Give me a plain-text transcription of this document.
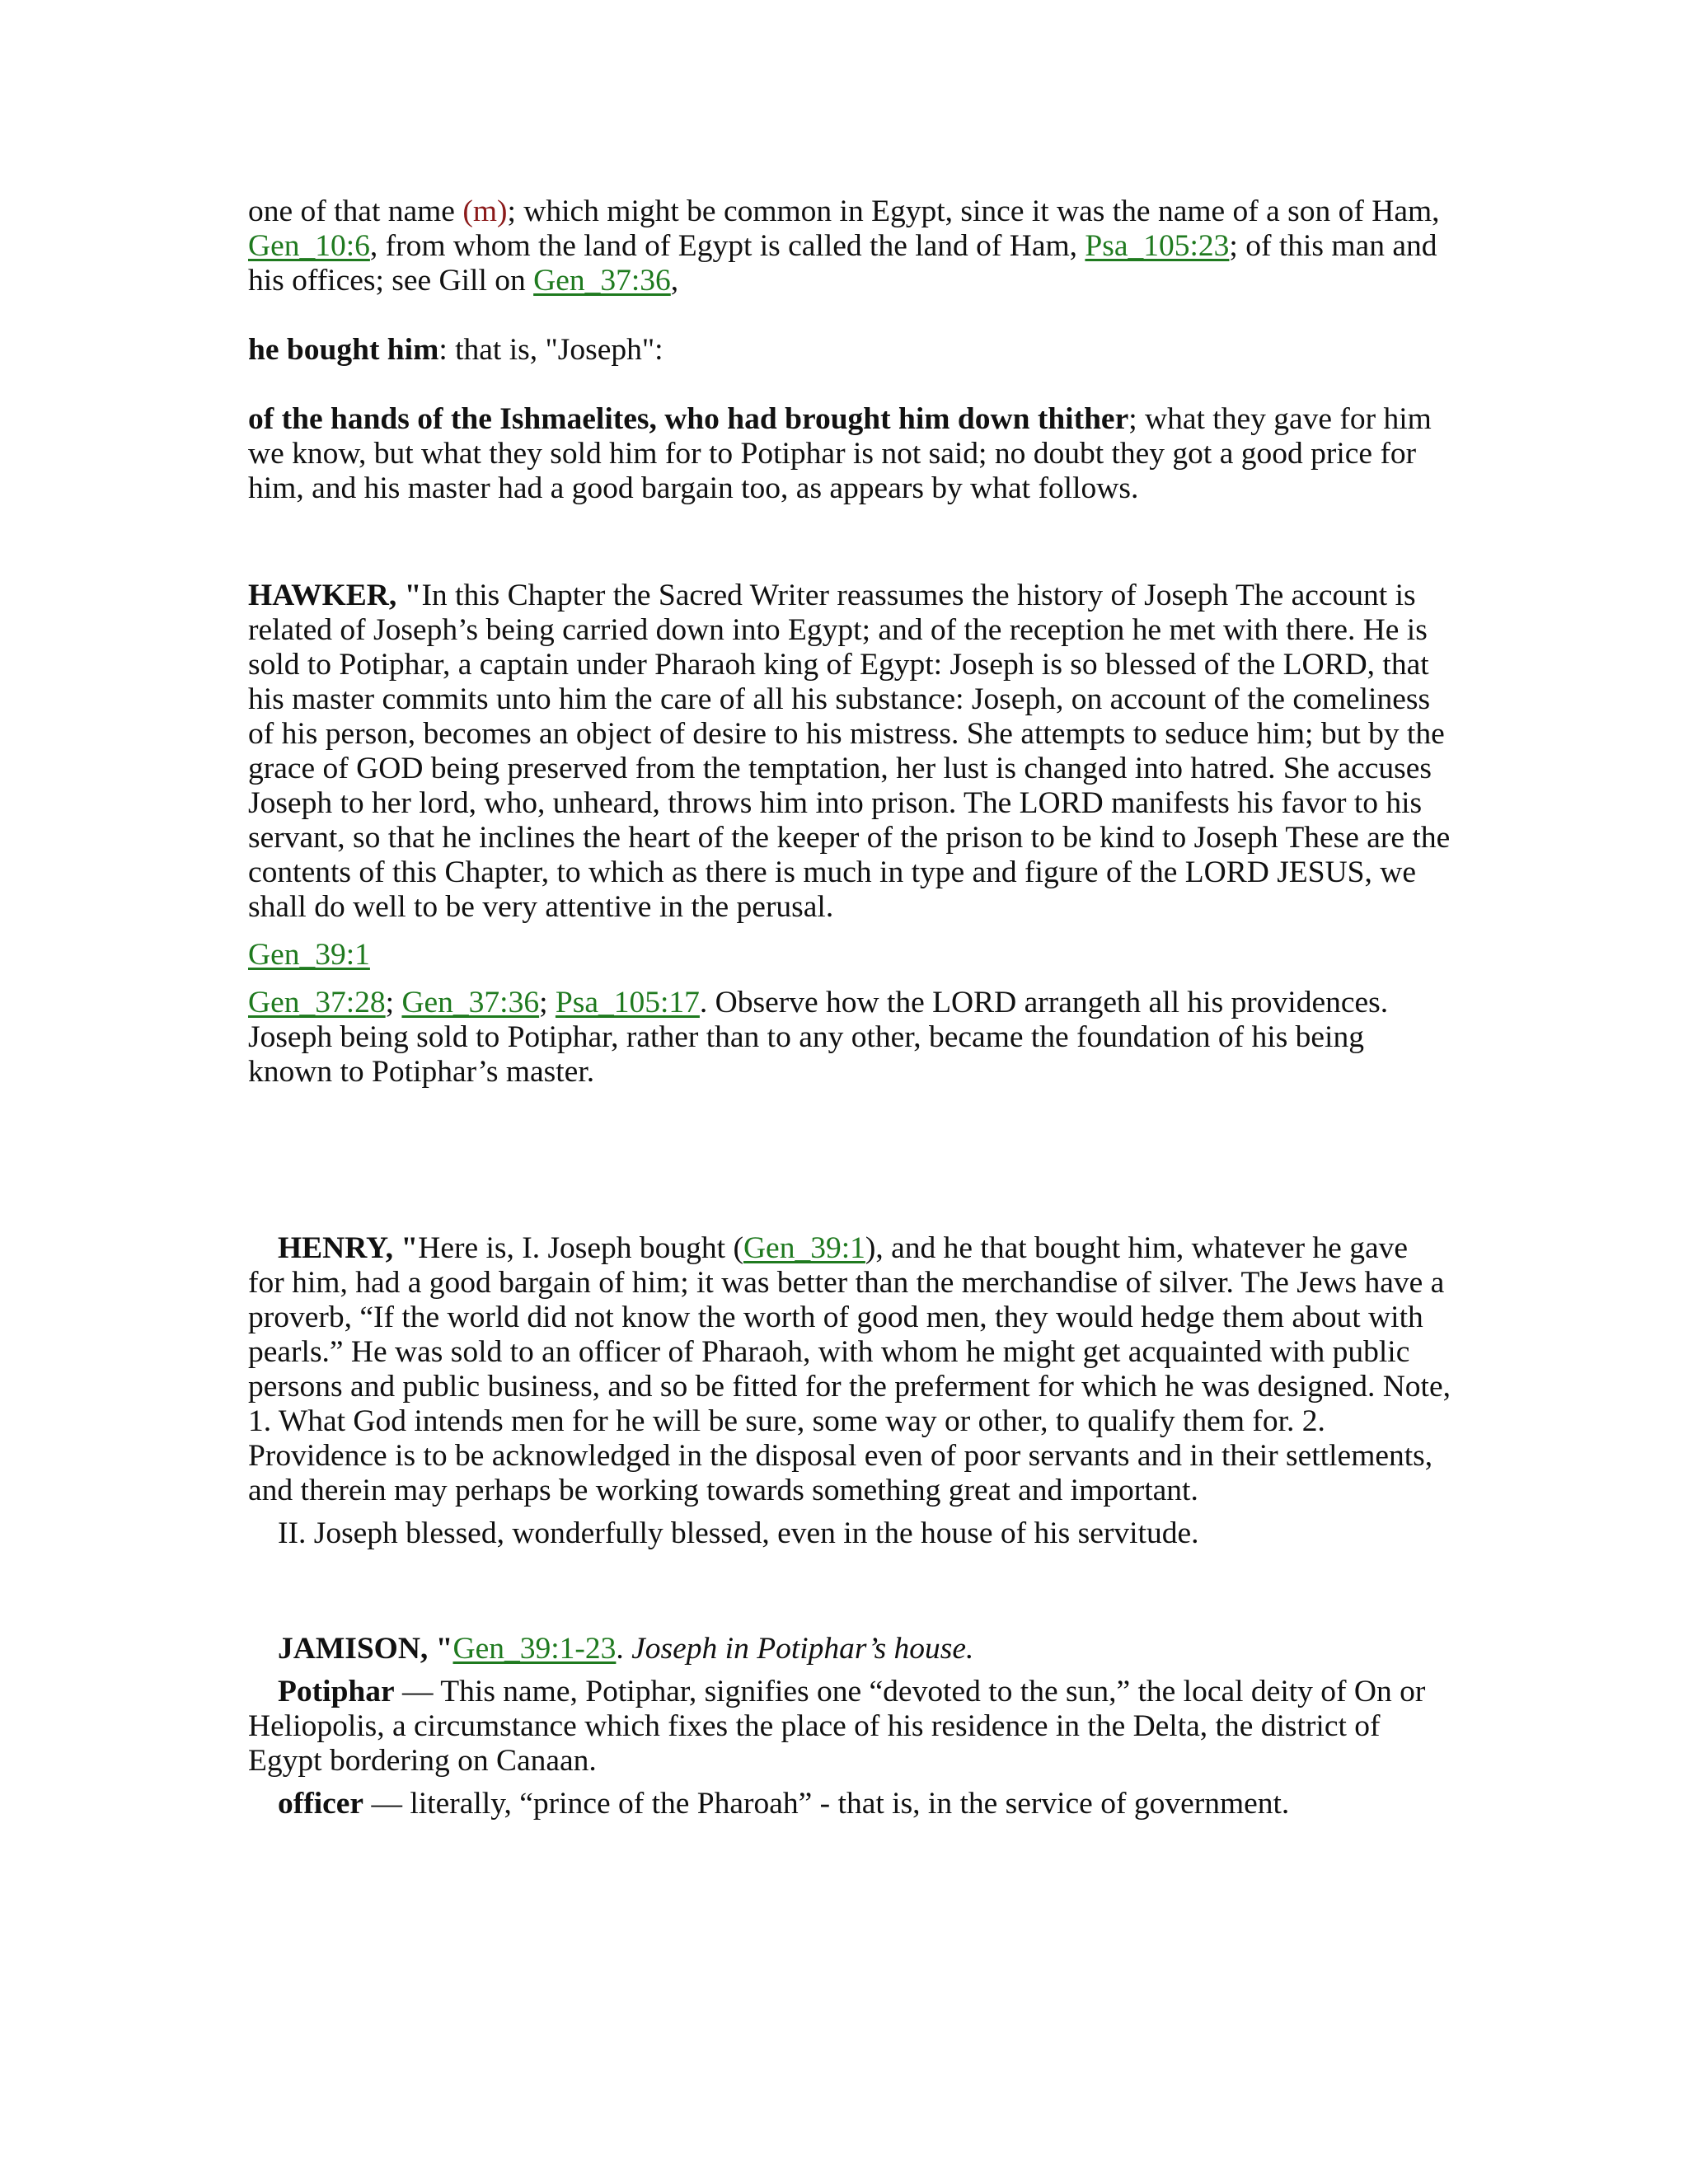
one of that name (m); which might be common in Egypt, since it was the name of a son of Ham, Gen_10:6, from whom the land of Egypt is called the land of Ham, Psa_105:23; of this man and his offices; see Gill on Gen_37:36,

he bought him: that is, "Joseph":

of the hands of the Ishmaelites, who had brought him down thither; what they gave for him we know, but what they sold him for to Potiphar is not said; no doubt they got a good price for him, and his master had a good bargain too, as appears by what follows.

HAWKER, "In this Chapter the Sacred Writer reassumes the history of Joseph The account is related of Joseph’s being carried down into Egypt; and of the reception he met with there. He is sold to Potiphar, a captain under Pharaoh king of Egypt: Joseph is so blessed of the LORD, that his master commits unto him the care of all his substance: Joseph, on account of the comeliness of his person, becomes an object of desire to his mistress. She attempts to seduce him; but by the grace of GOD being preserved from the temptation, her lust is changed into hatred. She accuses Joseph to her lord, who, unheard, throws him into prison. The LORD manifests his favor to his servant, so that he inclines the heart of the keeper of the prison to be kind to Joseph These are the contents of this Chapter, to which as there is much in type and figure of the LORD JESUS, we shall do well to be very attentive in the perusal.

Gen_39:1

Gen_37:28; Gen_37:36; Psa_105:17. Observe how the LORD arrangeth all his providences. Joseph being sold to Potiphar, rather than to any other, became the foundation of his being known to Potiphar’s master.

HENRY, "Here is, I. Joseph bought (Gen_39:1), and he that bought him, whatever he gave for him, had a good bargain of him; it was better than the merchandise of silver. The Jews have a proverb, “If the world did not know the worth of good men, they would hedge them about with pearls.” He was sold to an officer of Pharaoh, with whom he might get acquainted with public persons and public business, and so be fitted for the preferment for which he was designed. Note, 1. What God intends men for he will be sure, some way or other, to qualify them for. 2. Providence is to be acknowledged in the disposal even of poor servants and in their settlements, and therein may perhaps be working towards something great and important.

II. Joseph blessed, wonderfully blessed, even in the house of his servitude.

JAMISON, "Gen_39:1-23. Joseph in Potiphar’s house.

Potiphar — This name, Potiphar, signifies one “devoted to the sun,” the local deity of On or Heliopolis, a circumstance which fixes the place of his residence in the Delta, the district of Egypt bordering on Canaan.

officer — literally, “prince of the Pharoah” - that is, in the service of government.
